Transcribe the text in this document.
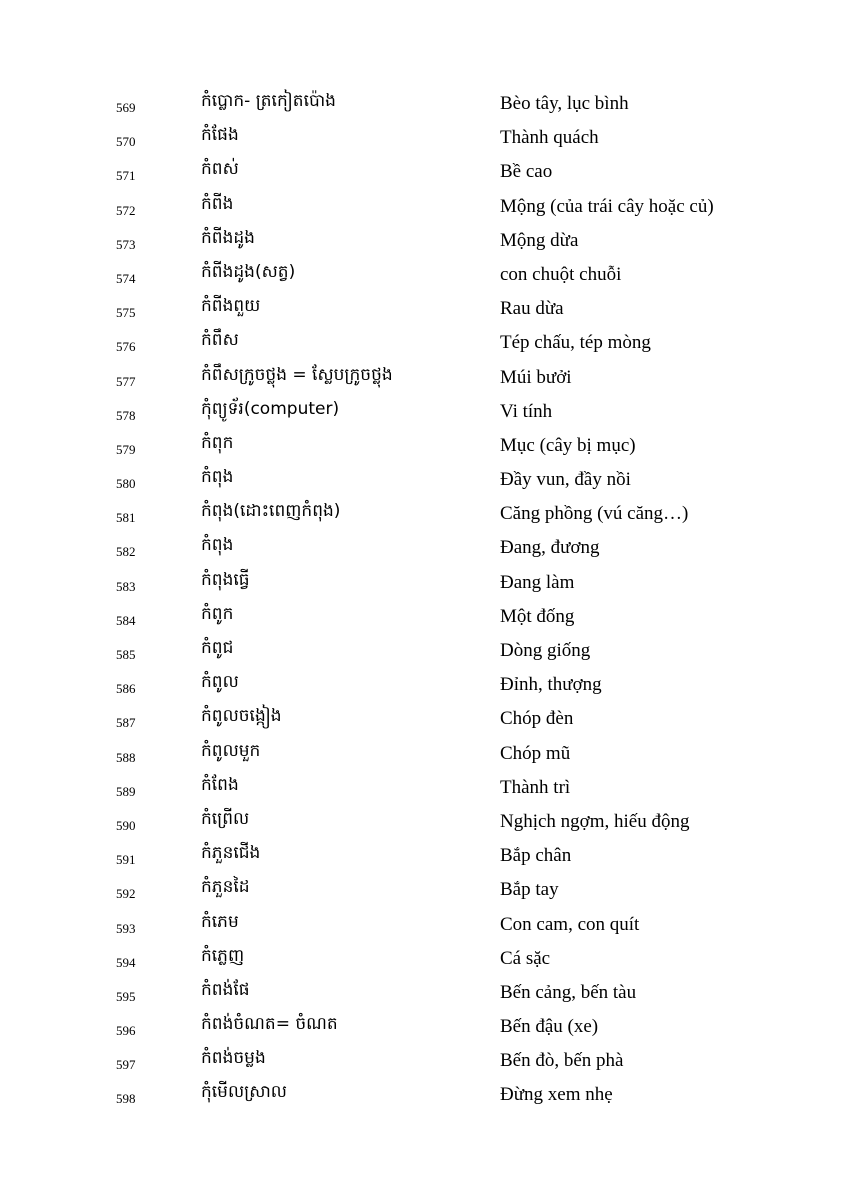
569	កំប្លោក- ត្រកៀតប៉ោង	Bèo tây, lục bình
570	កំផែង	Thành quách
571	កំពស់	Bề cao
572	កំពីង	Mộng (của trái cây hoặc củ)
573	កំពីងដូង	Mộng dừa
574	កំពីងដូង(សត្វ)	con chuột chuỗi
575	កំពីងពួយ	Rau dừa
576	កំពឹស	Tép chấu, tép mòng
577	កំពឹសក្រូចថ្លុង = ស្លែបក្រូចថ្លុង	Múi bưởi
578	កុំព្យូទ័រ(computer)	Vi tính
579	កំពុក	Mục (cây bị mục)
580	កំពុង	Đầy vun, đầy nồi
581	កំពុង(ដោះពេញកំពុង)	Căng phồng (vú căng…)
582	កំពុង	Đang, đương
583	កំពុងធ្វើ	Đang làm
584	កំពូក	Một đống
585	កំពូជ	Dòng giống
586	កំពូល	Đỉnh, thượng
587	កំពូលចង្កៀង	Chóp đèn
588	កំពូលមួក	Chóp mũ
589	កំពែង	Thành trì
590	កំព្រើល	Nghịch ngợm, hiếu động
591	កំភួនជើង	Bắp chân
592	កំភួនដៃ	Bắp tay
593	កំភេម	Con cam, con quít
594	កំភ្លេញ	Cá sặc
595	កំពង់ផែ	Bến cảng, bến tàu
596	កំពង់ចំណត= ចំណត	Bến đậu (xe)
597	កំពង់ចម្លង	Bến đò, bến phà
598	កុំមើលស្រាល	Đừng xem nhẹ
